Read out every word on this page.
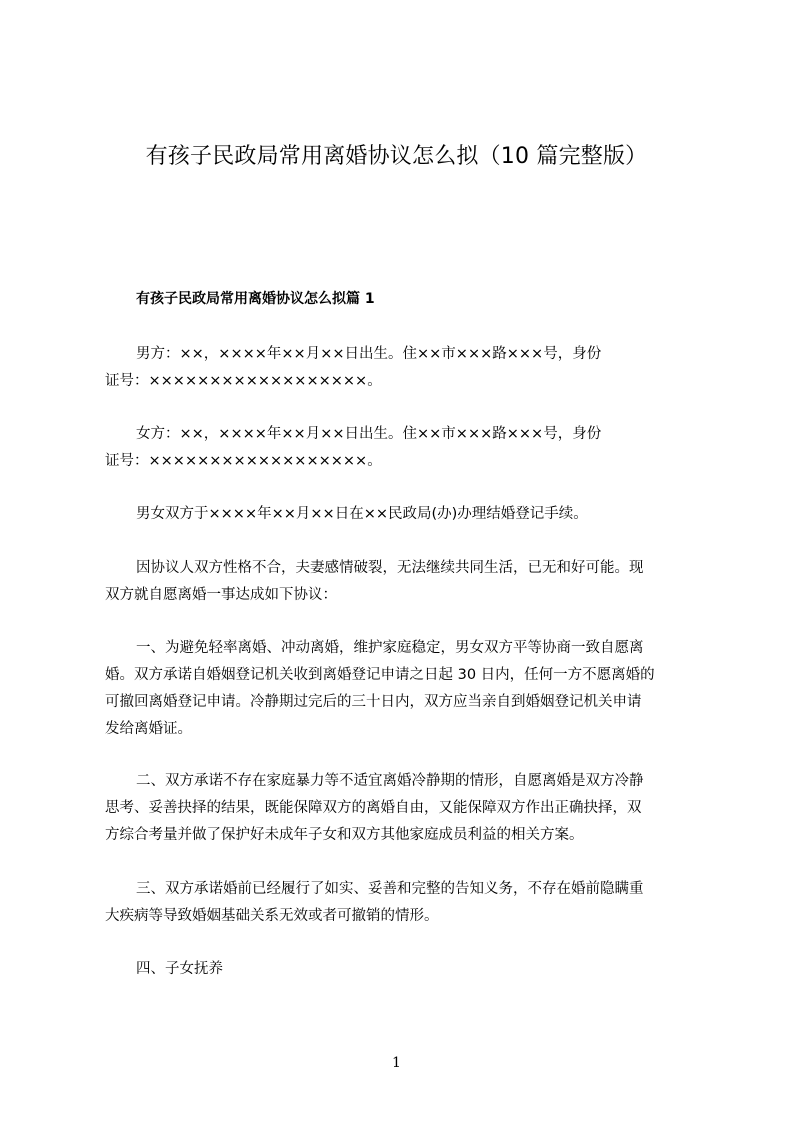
有孩子民政局常用离婚协议怎么拟（10 篇完整版）
有孩子民政局常用离婚协议怎么拟篇 1

男方：××，××××年××月××日出生。住××市×××路×××号，身份
证号：××××××××××××××××××。

女方：××，××××年××月××日出生。住××市×××路×××号，身份
证号：××××××××××××××××××。

男女双方于××××年××月××日在××民政局(办)办理结婚登记手续。

因协议人双方性格不合，夫妻感情破裂，无法继续共同生活，已无和好可能。现
双方就自愿离婚一事达成如下协议：

一、为避免轻率离婚、冲动离婚，维护家庭稳定，男女双方平等协商一致自愿离
婚。双方承诺自婚姻登记机关收到离婚登记申请之日起 30 日内，任何一方不愿离婚的
可撤回离婚登记申请。冷静期过完后的三十日内，双方应当亲自到婚姻登记机关申请
发给离婚证。

二、双方承诺不存在家庭暴力等不适宜离婚冷静期的情形，自愿离婚是双方冷静
思考、妥善抉择的结果，既能保障双方的离婚自由，又能保障双方作出正确抉择，双
方综合考量并做了保护好未成年子女和双方其他家庭成员利益的相关方案。

三、双方承诺婚前已经履行了如实、妥善和完整的告知义务，不存在婚前隐瞒重
大疾病等导致婚姻基础关系无效或者可撤销的情形。

四、子女抚养

1
